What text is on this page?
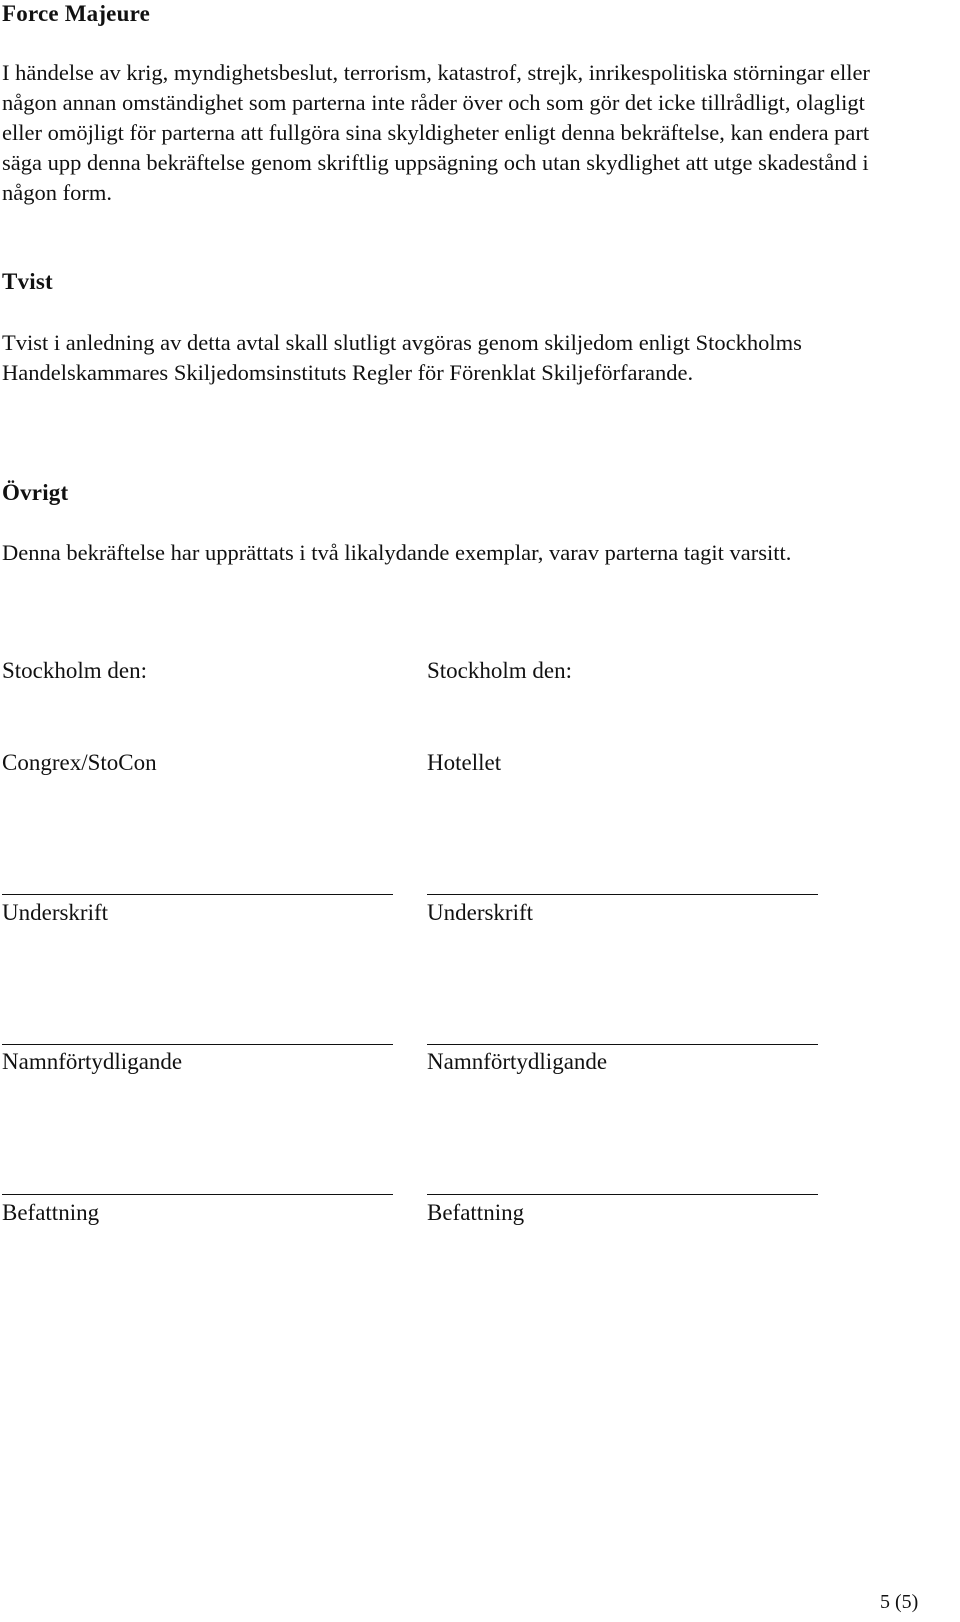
Force Majeure
I händelse av krig, myndighetsbeslut, terrorism, katastrof, strejk, inrikespolitiska störningar eller någon annan omständighet som parterna inte råder över och som gör det icke tillrådligt, olagligt eller omöjligt för parterna att fullgöra sina skyldigheter enligt denna bekräftelse, kan endera part säga upp denna bekräftelse genom skriftlig uppsägning och utan skydlighet att utge skadestånd i någon form.
Tvist
Tvist i anledning av detta avtal skall slutligt avgöras genom skiljedom enligt Stockholms Handelskammares Skiljedomsinstituts Regler för Förenklat Skiljeförfarande.
Övrigt
Denna bekräftelse har upprättats i två likalydande exemplar, varav parterna tagit varsitt.
Stockholm den:
Congrex/StoCon
Underskrift
Namnförtydligande
Befattning
Stockholm den:
Hotellet
Underskrift
Namnförtydligande
Befattning
5 (5)
